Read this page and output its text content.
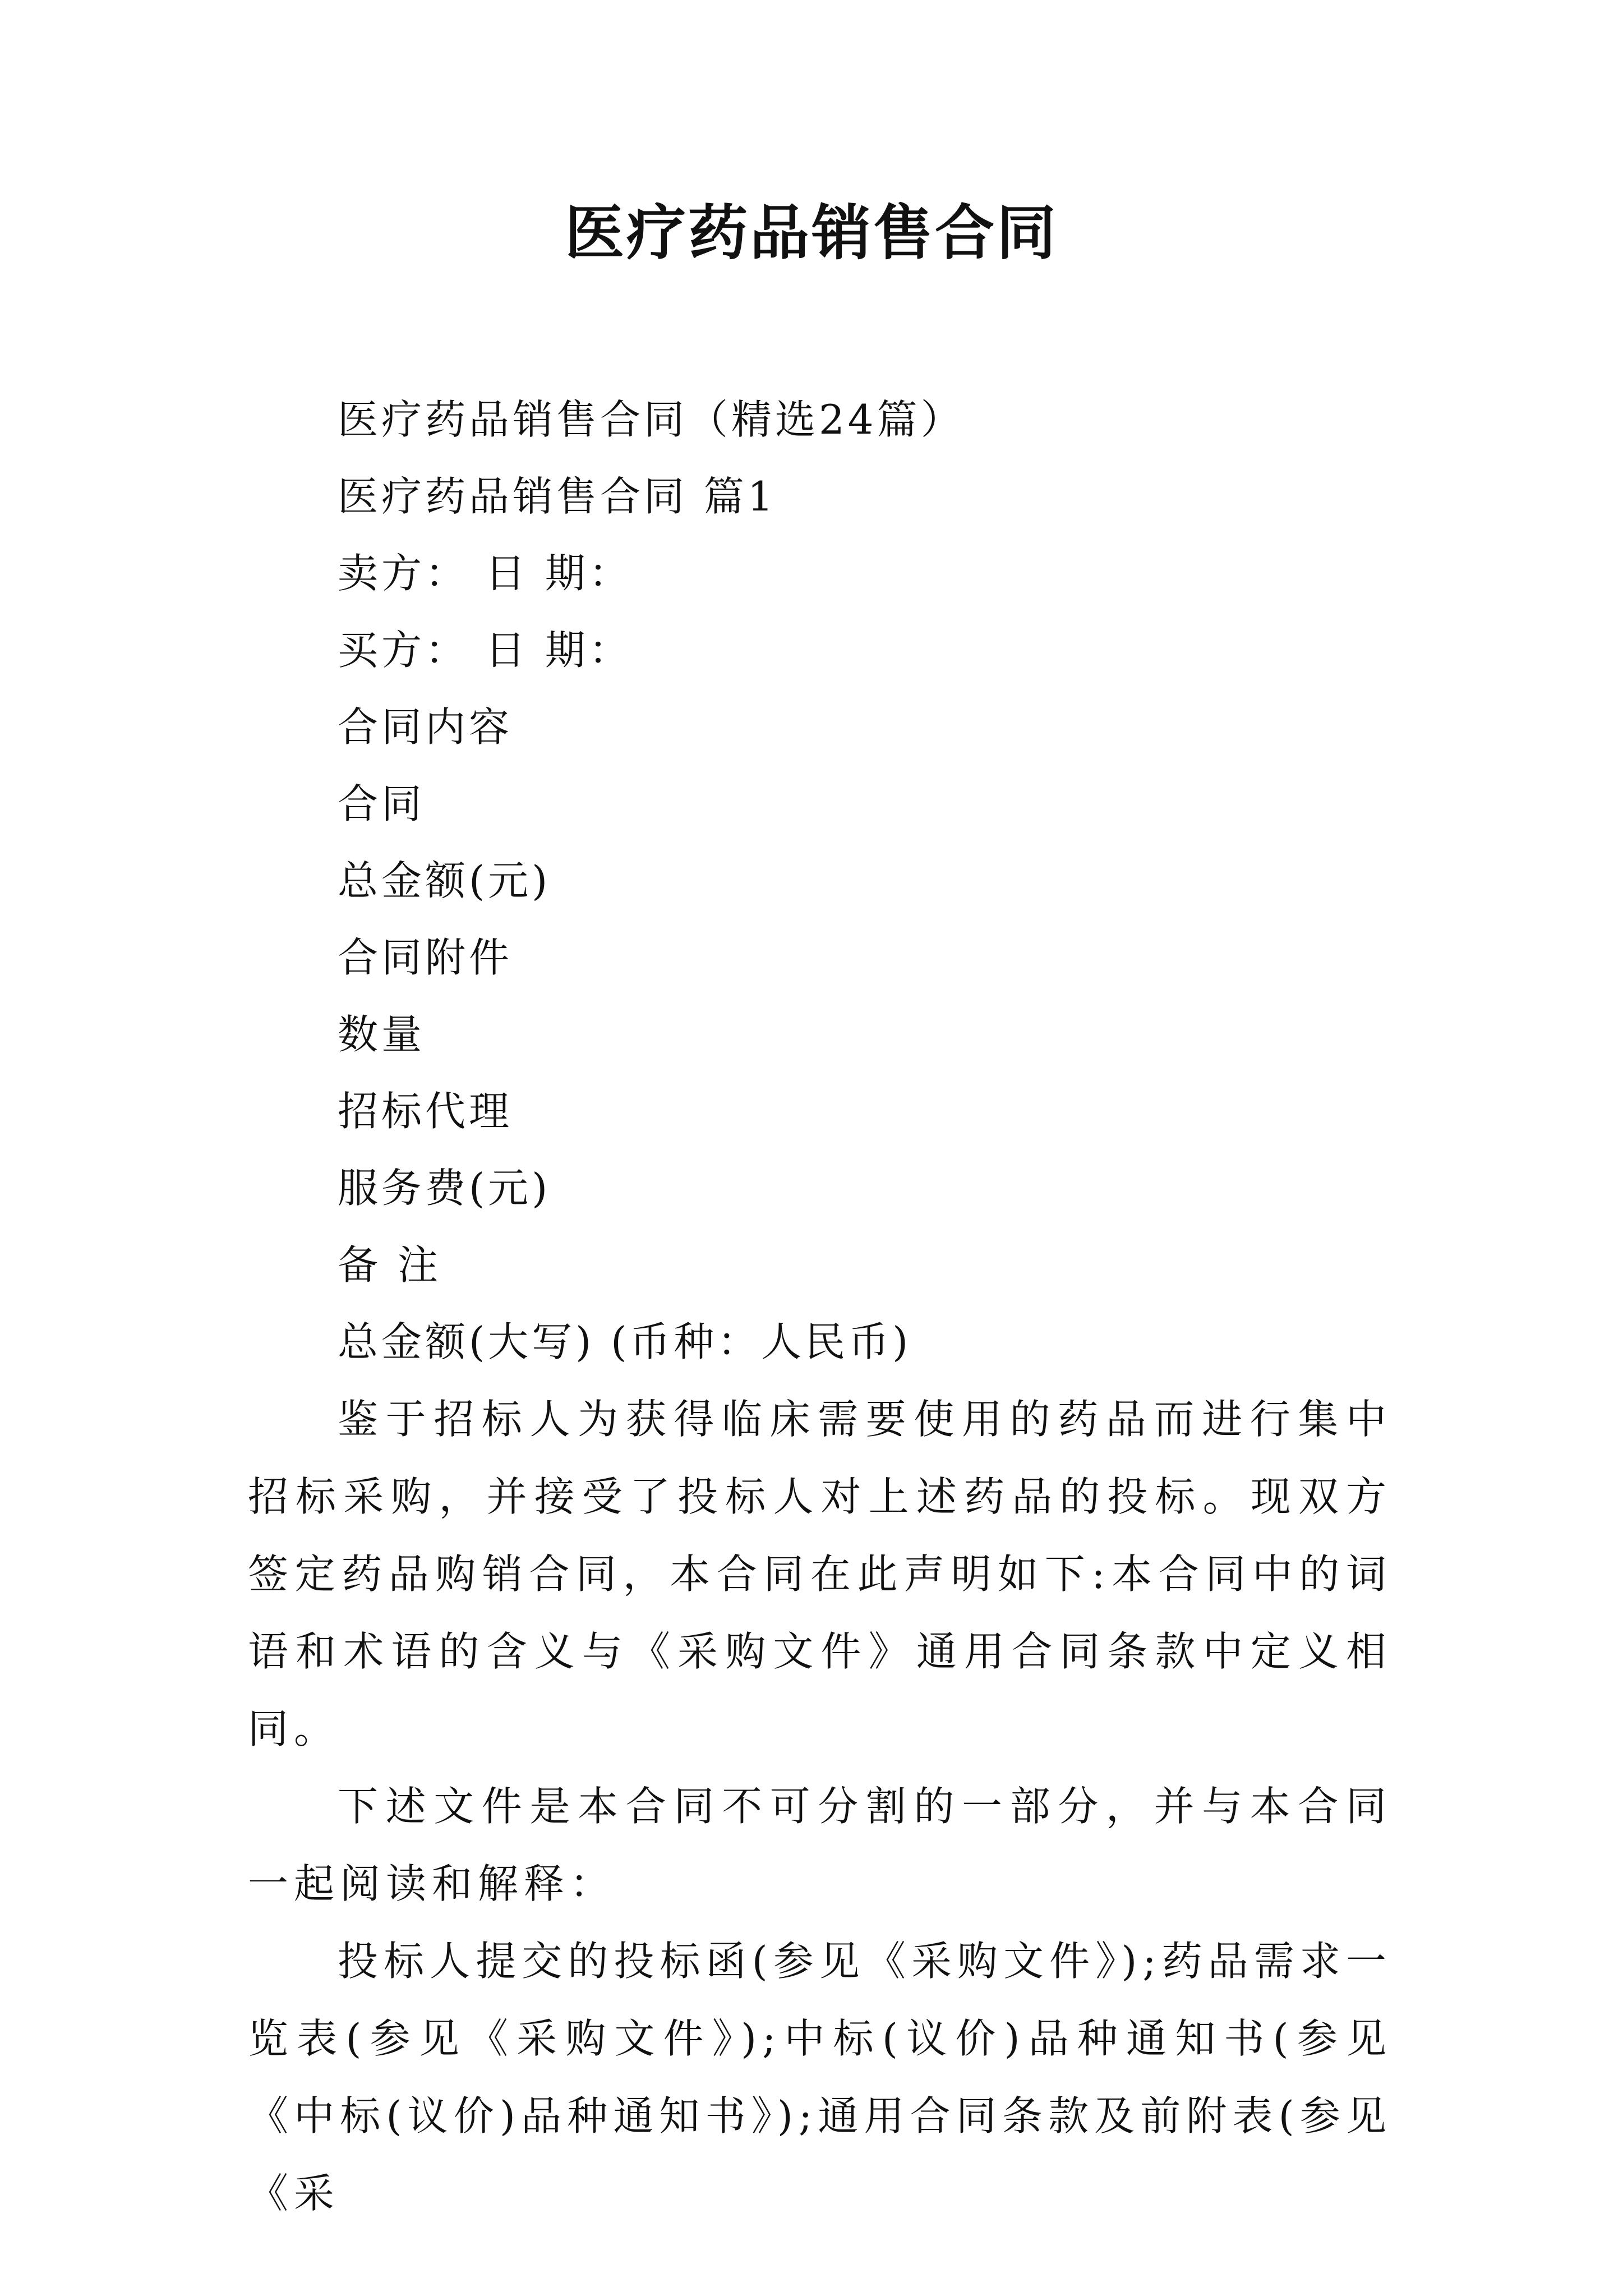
医疗药品销售合同
医疗药品销售合同（精选24篇）
医疗药品销售合同 篇1
卖方： 日 期：
买方： 日 期：
合同内容
合同
总金额(元)
合同附件
数量
招标代理
服务费(元)
备 注
总金额(大写) (币种：人民币)

鉴于招标人为获得临床需要使用的药品而进行集中招标采购，并接受了投标人对上述药品的投标。现双方签定药品购销合同，本合同在此声明如下:本合同中的词语和术语的含义与《采购文件》通用合同条款中定义相同。

下述文件是本合同不可分割的一部分，并与本合同一起阅读和解释：

投标人提交的投标函(参见《采购文件》);药品需求一览表(参见《采购文件》);中标(议价)品种通知书(参见《中标(议价)品种通知书》);通用合同条款及前附表(参见《采
